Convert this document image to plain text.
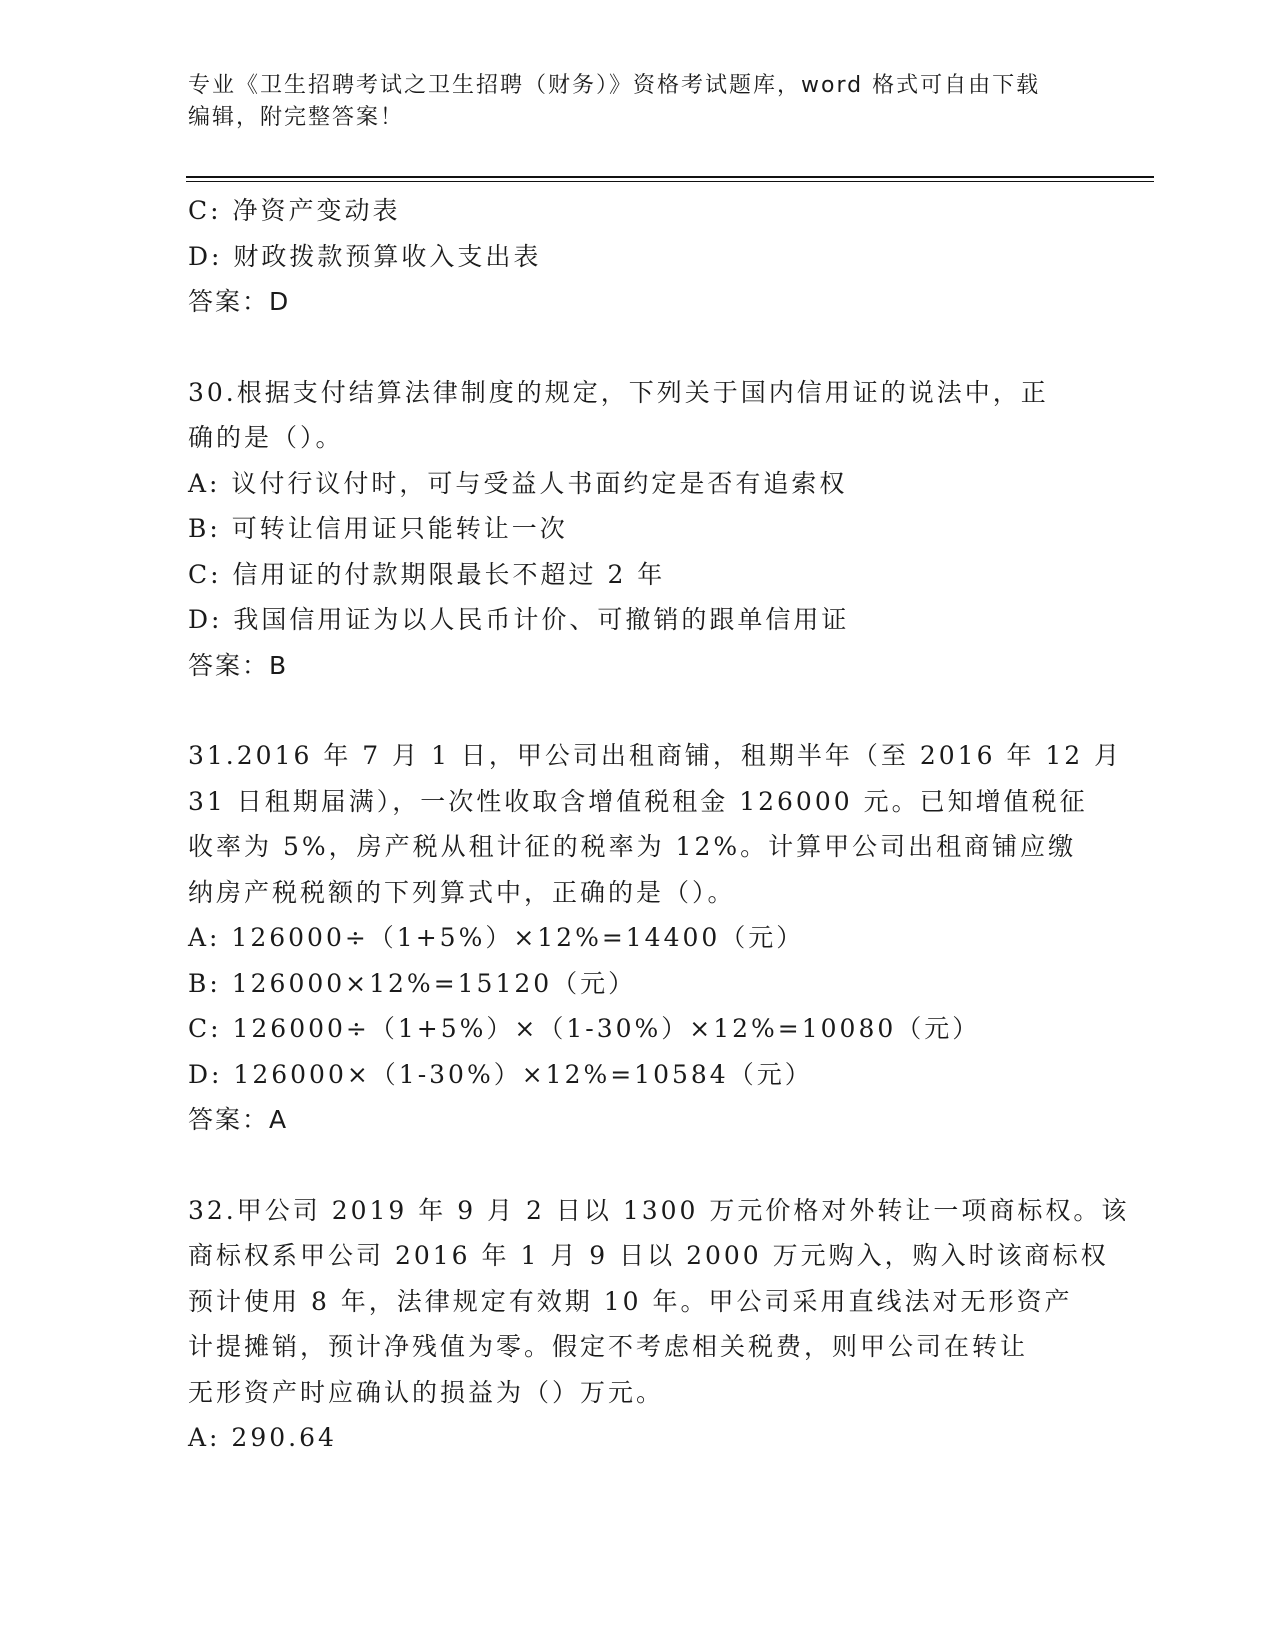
专业《卫生招聘考试之卫生招聘（财务）》资格考试题库，word 格式可自由下载
编辑，附完整答案！
C: 净资产变动表
D: 财政拨款预算收入支出表
答案：D
30.根据支付结算法律制度的规定，下列关于国内信用证的说法中，正
确的是（）。
A: 议付行议付时，可与受益人书面约定是否有追索权
B: 可转让信用证只能转让一次
C: 信用证的付款期限最长不超过 2 年
D: 我国信用证为以人民币计价、可撤销的跟单信用证
答案：B
31.2016 年 7 月 1 日，甲公司出租商铺，租期半年（至 2016 年 12 月
31 日租期届满），一次性收取含增值税租金 126000 元。已知增值税征
收率为 5%，房产税从租计征的税率为 12%。计算甲公司出租商铺应缴
纳房产税税额的下列算式中，正确的是（）。
A: 126000÷（1+5%）×12%=14400（元）
B: 126000×12%=15120（元）
C: 126000÷（1+5%）×（1-30%）×12%=10080（元）
D: 126000×（1-30%）×12%=10584（元）
答案：A
32.甲公司 2019 年 9 月 2 日以 1300 万元价格对外转让一项商标权。该
商标权系甲公司 2016 年 1 月 9 日以 2000 万元购入，购入时该商标权
预计使用 8 年，法律规定有效期 10 年。甲公司采用直线法对无形资产
计提摊销，预计净残值为零。假定不考虑相关税费，则甲公司在转让
无形资产时应确认的损益为（）万元。
A: 290.64
